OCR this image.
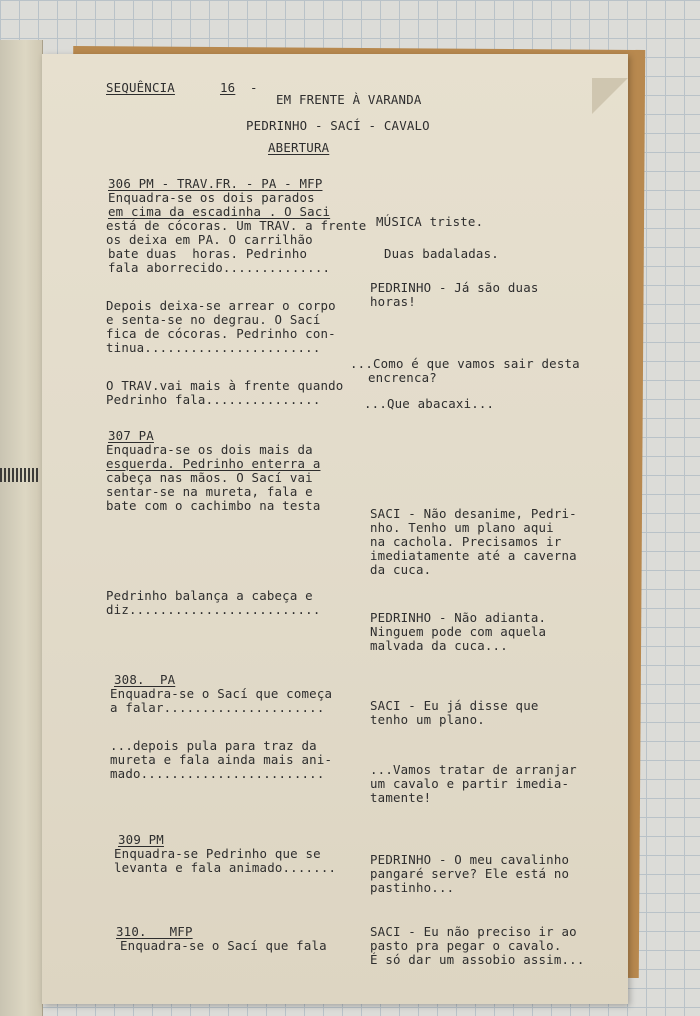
SEQUÊNCIA	16 -
EM FRENTE À VARANDA
PEDRINHO - SACÍ - CAVALO
ABERTURA
306 PM - TRAV.FR. - PA - MFP
Enquadra-se os dois parados
em cima da escadinha . O Saci
está de cócoras. Um TRAV. a frente
os deixa em PA. O carrilhão
bate duas  horas. Pedrinho
fala aborrecido..............
Depois deixa-se arrear o corpo
e senta-se no degrau. O Sací
fica de cócoras. Pedrinho con-
tinua.......................
O TRAV.vai mais à frente quando
Pedrinho fala...............
307 PA
Enquadra-se os dois mais da
esquerda. Pedrinho enterra a
cabeça nas mãos. O Sací vai
sentar-se na mureta, fala e
bate com o cachimbo na testa
Pedrinho balança a cabeça e
diz.........................
308.  PA
Enquadra-se o Sací que começa
a falar.....................
...depois pula para traz da
mureta e fala ainda mais ani-
mado........................
309 PM
Enquadra-se Pedrinho que se
levanta e fala animado.......
310.   MFP
Enquadra-se o Sací que fala
MÚSICA triste.
Duas badaladas.
PEDRINHO - Já são duas
horas!
...Como é que vamos sair desta
encrenca?
...Que abacaxi...
SACI - Não desanime, Pedri-
nho. Tenho um plano aqui
na cachola. Precisamos ir
imediatamente até a caverna
da cuca.
PEDRINHO - Não adianta.
Ninguem pode com aquela
malvada da cuca...
SACI - Eu já disse que
tenho um plano.
...Vamos tratar de arranjar
um cavalo e partir imedia-
tamente!
PEDRINHO - O meu cavalinho
pangaré serve? Ele está no
pastinho...
SACI - Eu não preciso ir ao
pasto pra pegar o cavalo.
É só dar um assobio assim...
